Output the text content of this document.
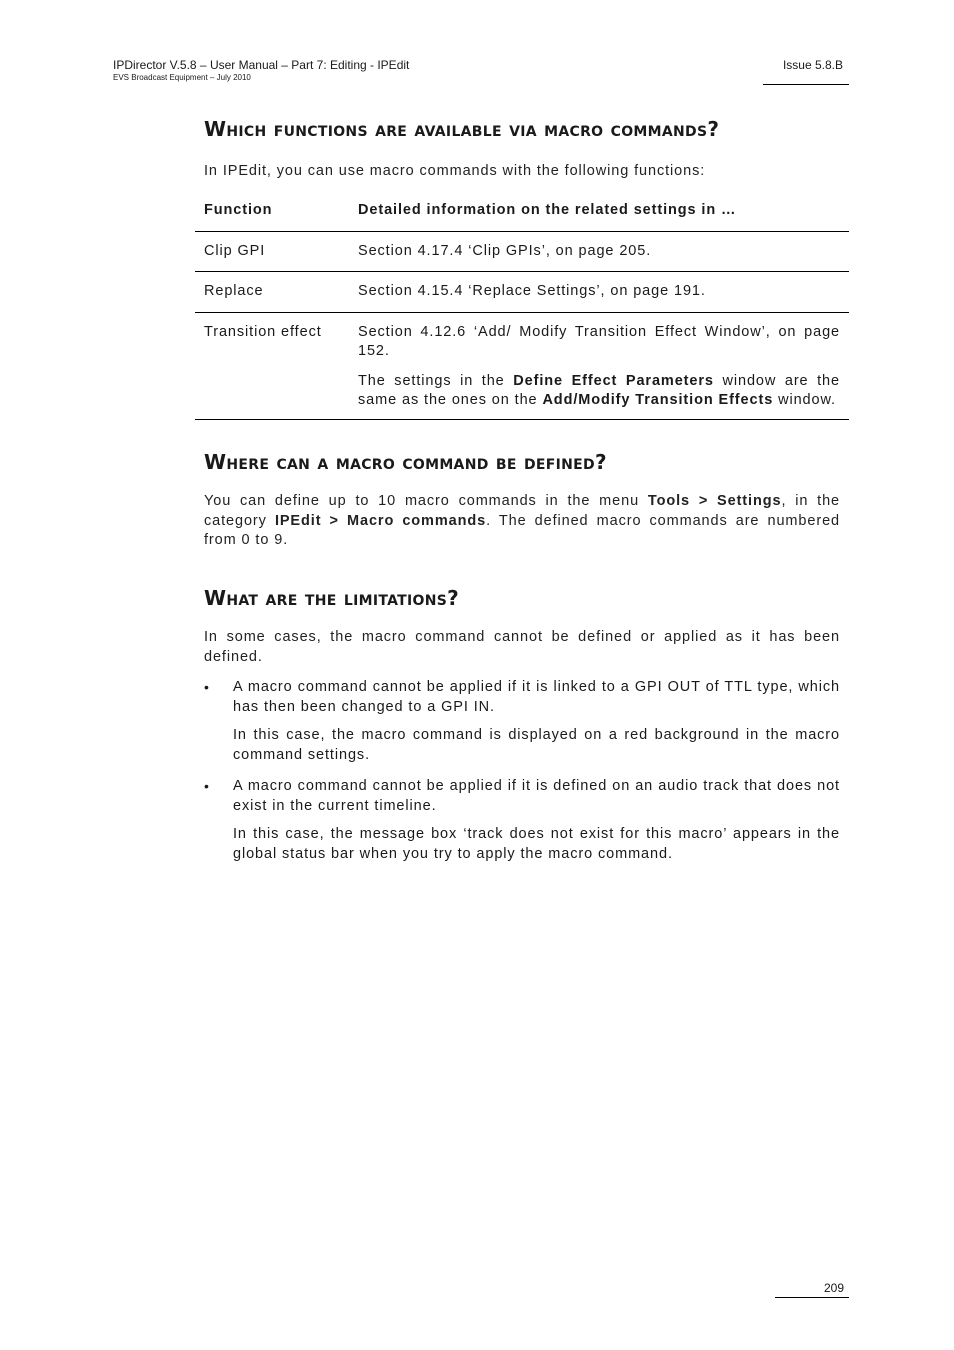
IPDirector V.5.8 – User Manual – Part 7: Editing - IPEdit
EVS Broadcast Equipment – July 2010
Issue 5.8.B
Which functions are available via macro commands?

In IPEdit, you can use macro commands with the following functions:

Function	Detailed information on the related settings in …
Clip GPI	Section 4.17.4 ‘Clip GPIs’, on page 205.

Replace	Section 4.15.4 ‘Replace Settings’, on page 191.

Transition effect	Section 4.12.6 ‘Add/ Modify Transition Effect Window’, on page 152.

The settings in the Define Effect Parameters window are the same as the ones on the Add/Modify Transition Effects window.

Where can a macro command be defined?

You can define up to 10 macro commands in the menu Tools > Settings, in the category IPEdit > Macro commands. The defined macro commands are numbered from 0 to 9.

What are the limitations?

In some cases, the macro command cannot be defined or applied as it has been defined.

• A macro command cannot be applied if it is linked to a GPI OUT of TTL type, which has then been changed to a GPI IN.

In this case, the macro command is displayed on a red background in the macro command settings.

• A macro command cannot be applied if it is defined on an audio track that does not exist in the current timeline.

In this case, the message box ‘track does not exist for this macro’ appears in the global status bar when you try to apply the macro command.

209
